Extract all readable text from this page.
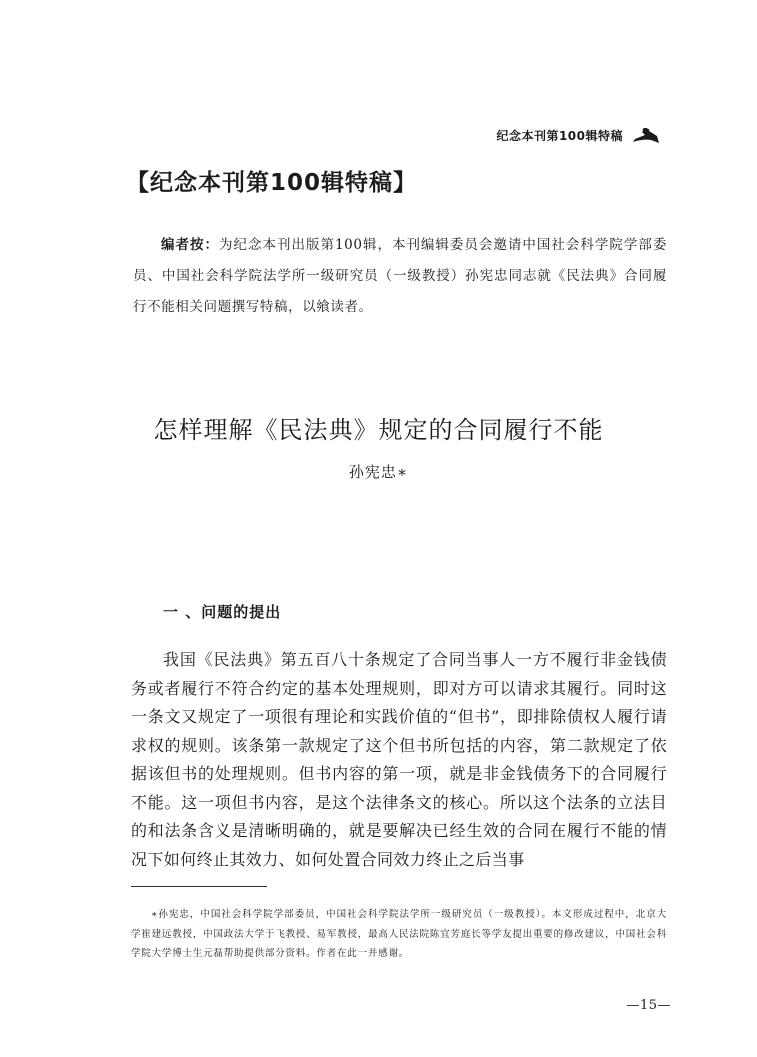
纪念本刊第100辑特稿
【纪念本刊第100辑特稿】

编者按：为纪念本刊出版第100辑，本刊编辑委员会邀请中国社会科学院学部委员、中国社会科学院法学所一级研究员（一级教授）孙宪忠同志就《民法典》合同履行不能相关问题撰写特稿，以飨读者。

怎样理解《民法典》规定的合同履行不能
孙宪忠∗
一 、问题的提出

我国《民法典》第五百八十条规定了合同当事人一方不履行非金钱债务或者履行不符合约定的基本处理规则，即对方可以请求其履行。同时这一条文又规定了一项很有理论和实践价值的“但书”，即排除债权人履行请求权的规则。该条第一款规定了这个但书所包括的内容，第二款规定了依据该但书的处理规则。但书内容的第一项，就是非金钱债务下的合同履行不能。这一项但书内容，是这个法律条文的核心。所以这个法条的立法目的和法条含义是清晰明确的，就是要解决已经生效的合同在履行不能的情况下如何终止其效力、如何处置合同效力终止之后当事

∗孙宪忠，中国社会科学院学部委员，中国社会科学院法学所一级研究员（一级教授）。本文形成过程中，北京大学崔建远教授，中国政法大学于飞教授、易军教授，最高人民法院陈宜芳庭长等学友提出重要的修改建议，中国社会科学院大学博士生元磊帮助提供部分资料。作者在此一并感谢。

—15—
